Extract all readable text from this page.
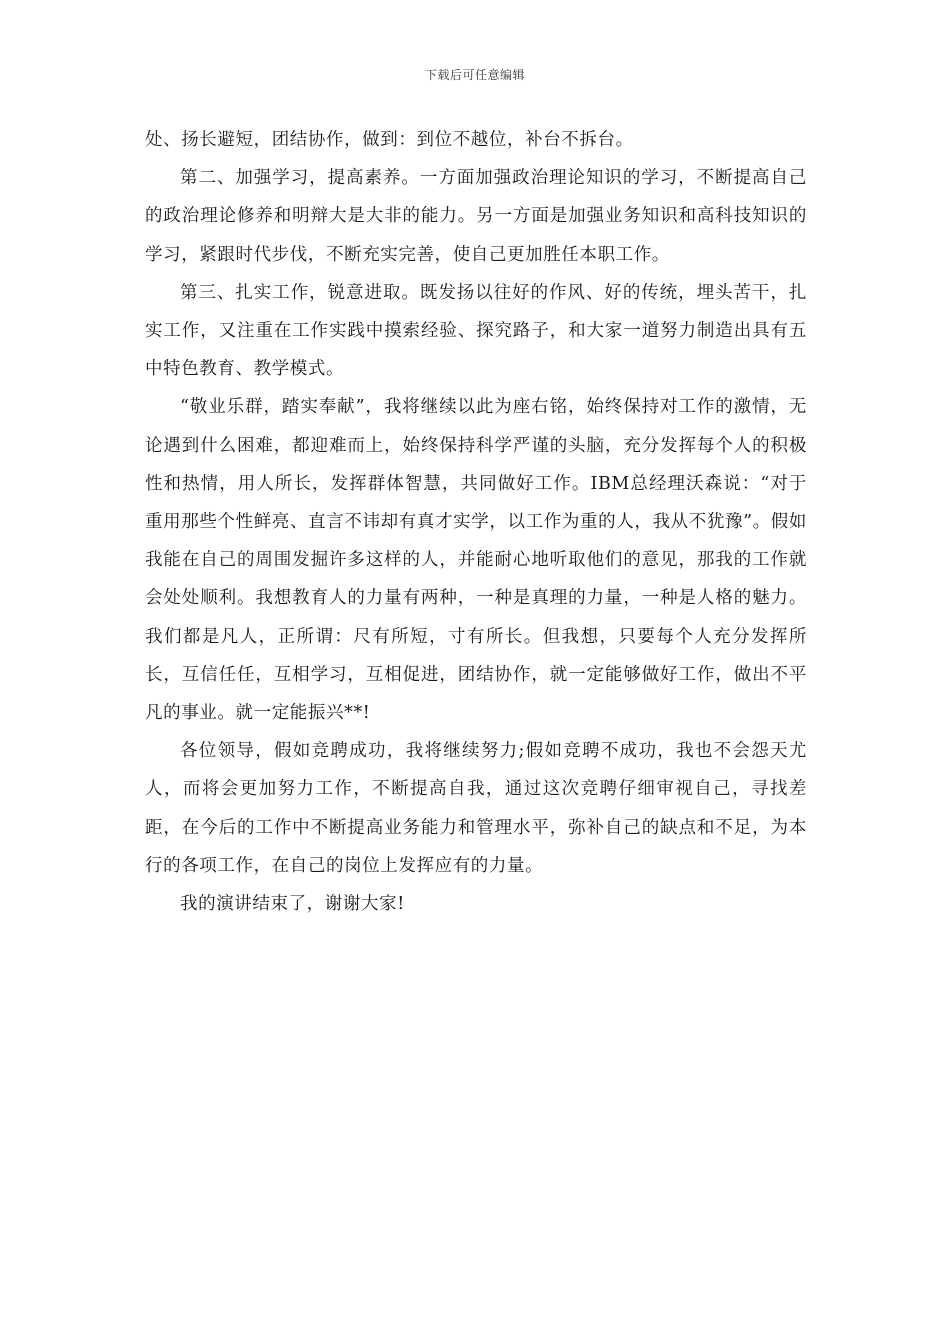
下载后可任意编辑

处、扬长避短，团结协作，做到：到位不越位，补台不拆台。

第二、加强学习，提高素养。一方面加强政治理论知识的学习，不断提高自己的政治理论修养和明辩大是大非的能力。另一方面是加强业务知识和高科技知识的学习，紧跟时代步伐，不断充实完善，使自己更加胜任本职工作。

第三、扎实工作，锐意进取。既发扬以往好的作风、好的传统，埋头苦干，扎实工作，又注重在工作实践中摸索经验、探究路子，和大家一道努力制造出具有五中特色教育、教学模式。

“敬业乐群，踏实奉献”，我将继续以此为座右铭，始终保持对工作的激情，无论遇到什么困难，都迎难而上，始终保持科学严谨的头脑，充分发挥每个人的积极性和热情，用人所长，发挥群体智慧，共同做好工作。IBM总经理沃森说：“对于重用那些个性鲜亮、直言不讳却有真才实学，以工作为重的人，我从不犹豫”。假如我能在自己的周围发掘许多这样的人，并能耐心地听取他们的意见，那我的工作就会处处顺利。我想教育人的力量有两种，一种是真理的力量，一种是人格的魅力。我们都是凡人，正所谓：尺有所短，寸有所长。但我想，只要每个人充分发挥所长，互信任任，互相学习，互相促进，团结协作，就一定能够做好工作，做出不平凡的事业。就一定能振兴**!

各位领导，假如竞聘成功，我将继续努力;假如竞聘不成功，我也不会怨天尤人，而将会更加努力工作，不断提高自我，通过这次竞聘仔细审视自己，寻找差距，在今后的工作中不断提高业务能力和管理水平，弥补自己的缺点和不足，为本行的各项工作，在自己的岗位上发挥应有的力量。

我的演讲结束了，谢谢大家!
